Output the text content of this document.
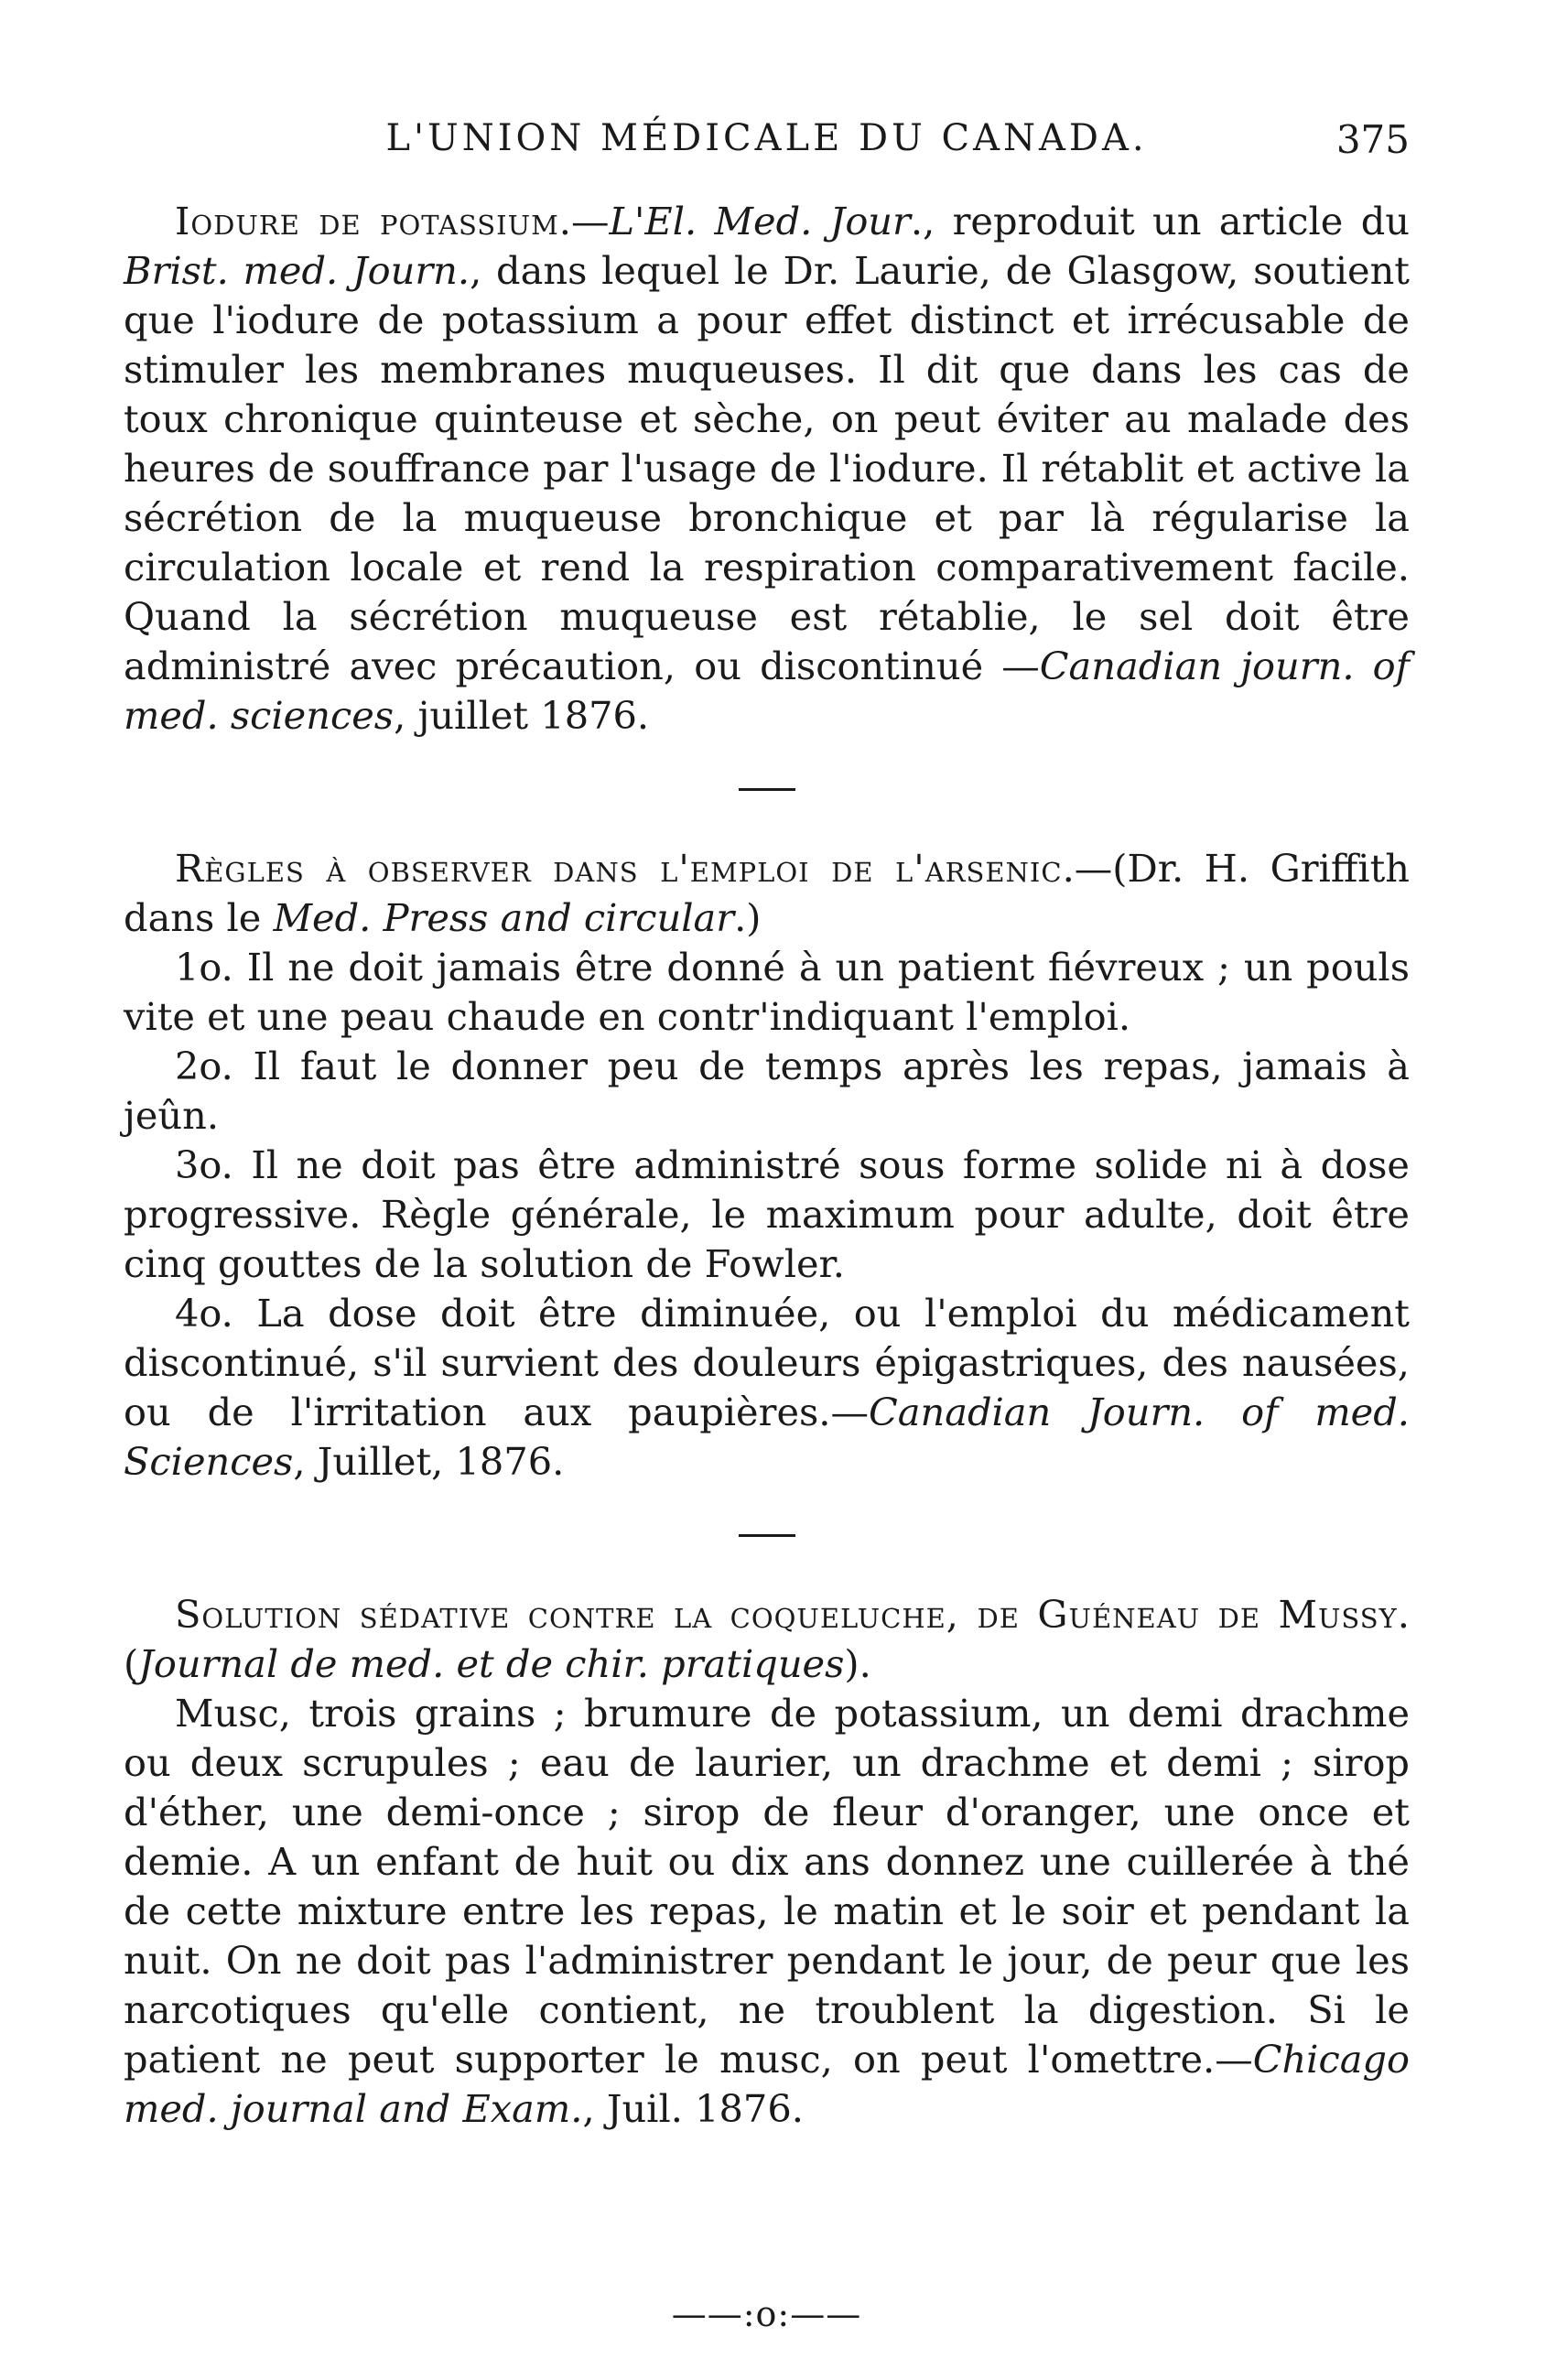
L'UNION MÉDICALE DU CANADA.	375

Iodure de potassium.—L'El. Med. Jour., reproduit un article du Brist. med. Journ., dans lequel le Dr. Laurie, de Glasgow, soutient que l'iodure de potassium a pour effet distinct et irrécusable de stimuler les membranes muqueuses. Il dit que dans les cas de toux chronique quinteuse et sèche, on peut éviter au malade des heures de souffrance par l'usage de l'iodure. Il rétablit et active la sécrétion de la muqueuse bronchique et par là régularise la circulation locale et rend la respiration comparativement facile. Quand la sécrétion muqueuse est rétablie, le sel doit être administré avec précaution, ou discontinué —Canadian journ. of med. sciences, juillet 1876.

Règles à observer dans l'emploi de l'arsenic.—(Dr. H. Griffith dans le Med. Press and circular.)

1o. Il ne doit jamais être donné à un patient fiévreux ; un pouls vite et une peau chaude en contr'indiquant l'emploi.

2o. Il faut le donner peu de temps après les repas, jamais à jeûn.

3o. Il ne doit pas être administré sous forme solide ni à dose progressive. Règle générale, le maximum pour adulte, doit être cinq gouttes de la solution de Fowler.

4o. La dose doit être diminuée, ou l'emploi du médicament discontinué, s'il survient des douleurs épigastriques, des nausées, ou de l'irritation aux paupières.—Canadian Journ. of med. Sciences, Juillet, 1876.

Solution sédative contre la coqueluche, de Guéneau de Mussy. (Journal de med. et de chir. pratiques).

Musc, trois grains ; brumure de potassium, un demi drachme ou deux scrupules ; eau de laurier, un drachme et demi ; sirop d'éther, une demi-once ; sirop de fleur d'oranger, une once et demie. A un enfant de huit ou dix ans donnez une cuillerée à thé de cette mixture entre les repas, le matin et le soir et pendant la nuit. On ne doit pas l'administrer pendant le jour, de peur que les narcotiques qu'elle contient, ne troublent la digestion. Si le patient ne peut supporter le musc, on peut l'omettre.—Chicago med. journal and Exam., Juil. 1876.

——:o:——
